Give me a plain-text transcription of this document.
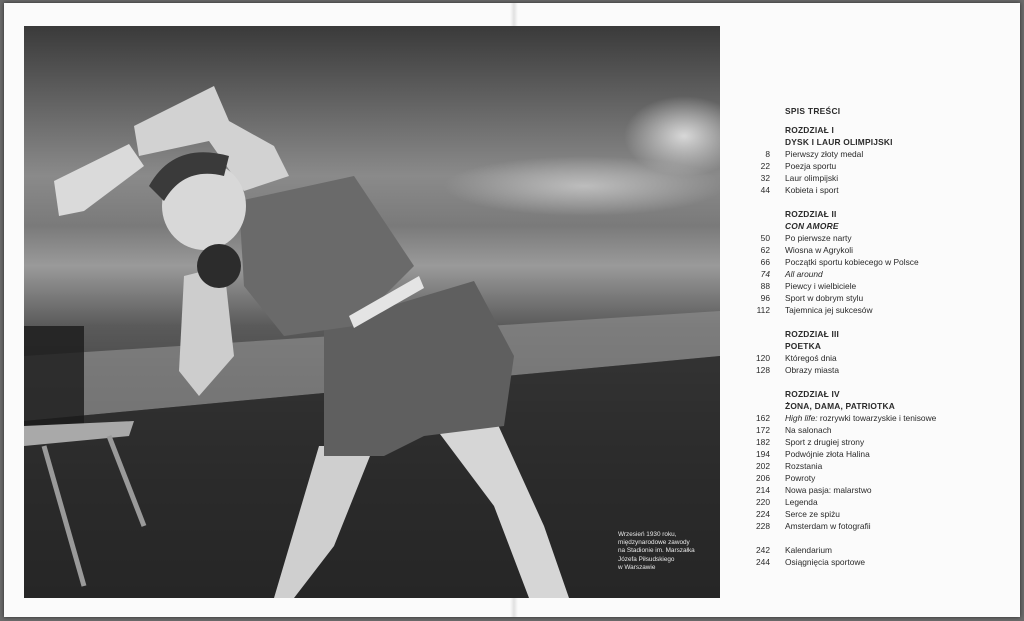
Wrzesień 1930 roku,
międzynarodowe zawody
na Stadionie im. Marszałka
Józefa Piłsudskiego
w Warszawie
SPIS TREŚCI
ROZDZIAŁ I
DYSK I LAUR OLIMPIJSKI
8 Pierwszy złoty medal
22 Poezja sportu
32 Laur olimpijski
44 Kobieta i sport
ROZDZIAŁ II
CON AMORE
50 Po pierwsze narty
62 Wiosna w Agrykoli
66 Początki sportu kobiecego w Polsce
74 All around
88 Piewcy i wielbiciele
96 Sport w dobrym stylu
112 Tajemnica jej sukcesów
ROZDZIAŁ III
POETKA
120 Któregoś dnia
128 Obrazy miasta
ROZDZIAŁ IV
ŻONA, DAMA, PATRIOTKA
162 High life: rozrywki towarzyskie i tenisowe
172 Na salonach
182 Sport z drugiej strony
194 Podwójnie złota Halina
202 Rozstania
206 Powroty
214 Nowa pasja: malarstwo
220 Legenda
224 Serce ze spiżu
228 Amsterdam w fotografii
242 Kalendarium
244 Osiągnięcia sportowe
